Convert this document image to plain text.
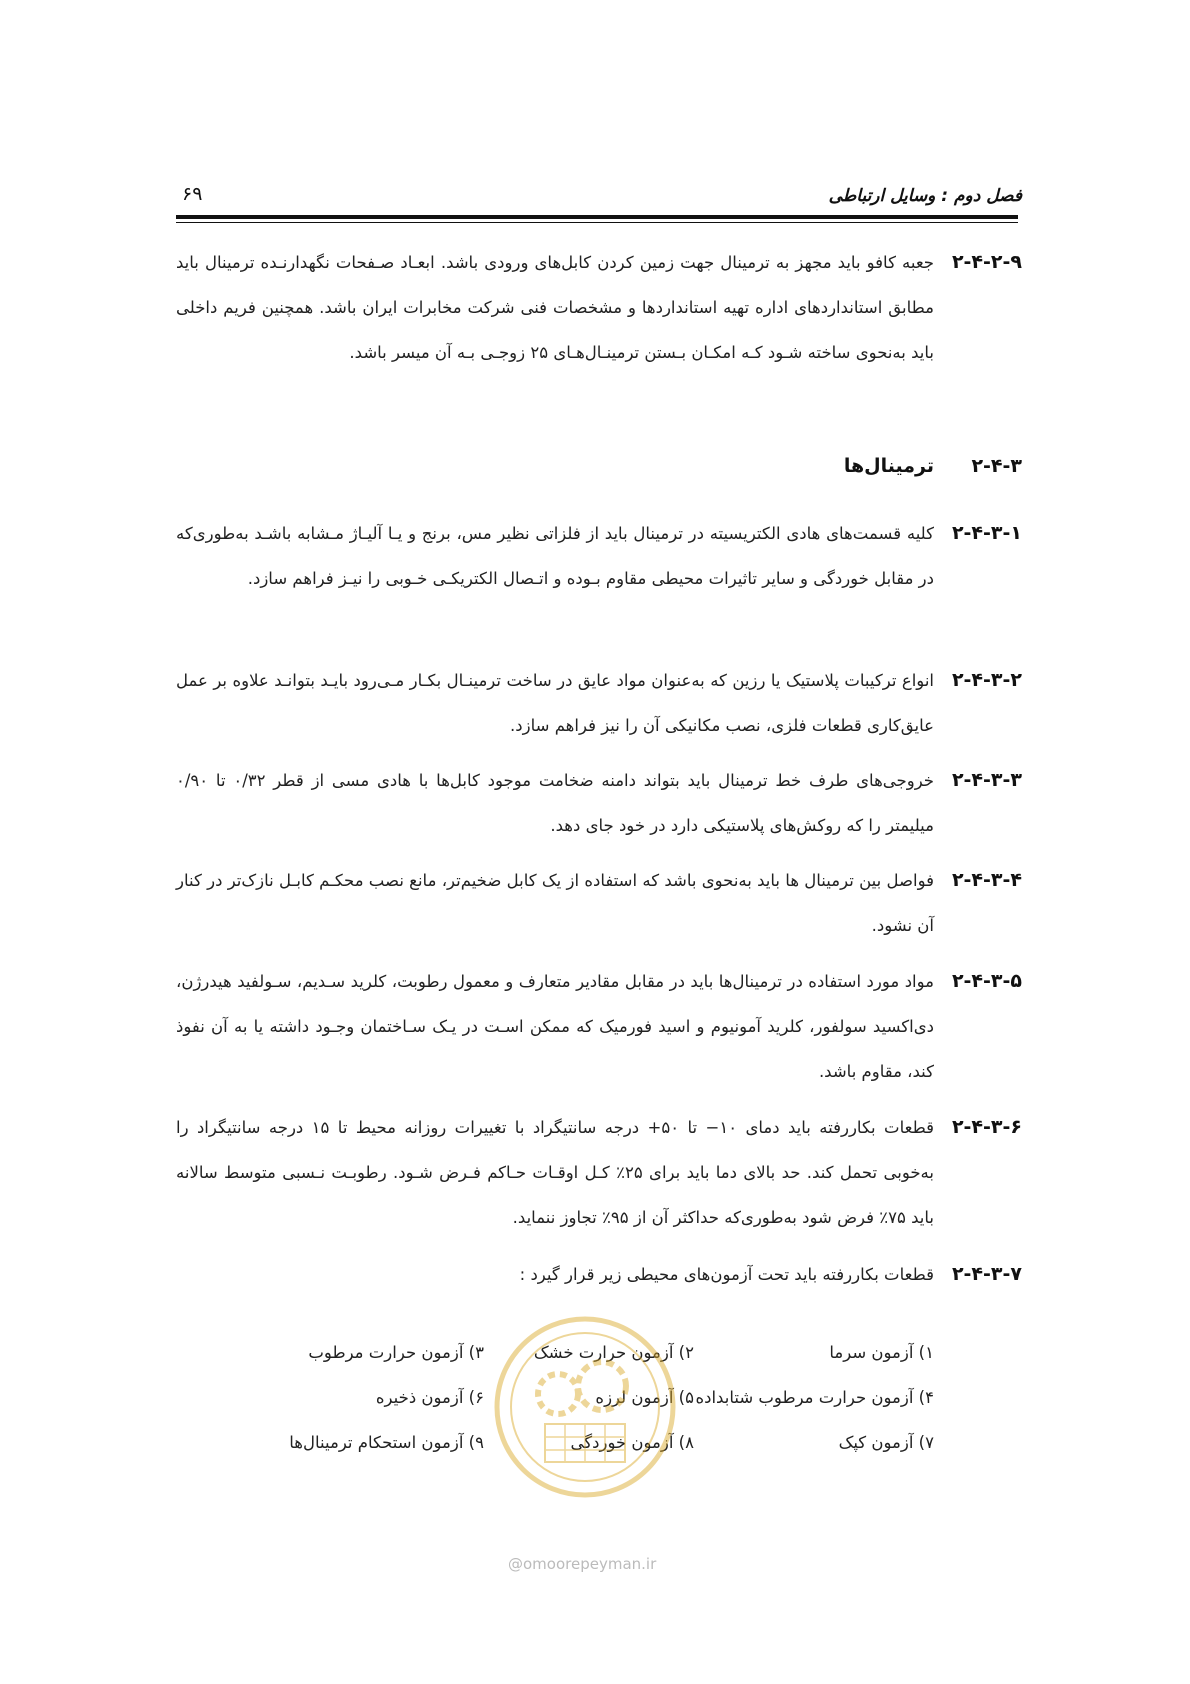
فصل دوم : وسایل ارتباطی
۶۹
۲-۴-۲-۹
جعبه کافو باید مجهز به ترمینال جهت زمین کردن کابل‌های ورودی باشد. ابعـاد صـفحات نگهدارنـده ترمینال باید مطابق استانداردهای اداره تهیه استانداردها و مشخصات فنی شرکت مخابرات ایران باشد. همچنین فریم داخلی باید به‌نحوی ساخته شـود کـه امکـان بـستن ترمینـال‌هـای ۲۵ زوجـی بـه آن میسر باشد.
۲-۴-۳ترمینال‌ها
۲-۴-۳-۱
کلیه قسمت‌های هادی الکتریسیته در ترمینال باید از فلزاتی نظیر مس، برنج و یـا آلیـاژ مـشابه باشـد به‌طوری‌که در مقابل خوردگی و سایر تاثیرات محیطی مقاوم بـوده و اتـصال الکتریکـی خـوبی را نیـز فراهم سازد.
۲-۴-۳-۲
انواع ترکیبات پلاستیک یا رزین که به‌عنوان مواد عایق در ساخت ترمینـال بکـار مـی‌رود بایـد بتوانـد علاوه بر عمل عایق‌کاری قطعات فلزی، نصب مکانیکی آن را نیز فراهم سازد.
۲-۴-۳-۳
خروجی‌های طرف خط ترمینال باید بتواند دامنه ضخامت موجود کابل‌ها با هادی مسی از قطر ۰/۳۲ تا ۰/۹۰ میلیمتر را که روکش‌های پلاستیکی دارد در خود جای دهد.
۲-۴-۳-۴
فواصل بین ترمینال ها باید به‌نحوی باشد که استفاده از یک کابل ضخیم‌تر، مانع نصب محکـم کابـل نازک‌تر در کنار آن نشود.
۲-۴-۳-۵
مواد مورد استفاده در ترمینال‌ها باید در مقابل مقادیر متعارف و معمول رطوبت، کلرید سـدیم، سـولفید هیدرژن، دی‌اکسید سولفور، کلرید آمونیوم و اسید فورمیک که ممکن اسـت در یـک سـاختمان وجـود داشته یا به آن نفوذ کند، مقاوم باشد.
۲-۴-۳-۶
قطعات بکاررفته باید دمای ۱۰− تا ۵۰+ درجه سانتیگراد با تغییرات روزانه محیط تا ۱۵ درجه سانتیگراد را به‌خوبی تحمل کند. حد بالای دما باید برای ۲۵٪ کـل اوقـات حـاکم فـرض شـود. رطوبـت نـسبی متوسط سالانه باید ۷۵٪ فرض شود به‌طوری‌که حداکثر آن از ۹۵٪ تجاوز ننماید.
۲-۴-۳-۷
قطعات بکاررفته باید تحت آزمون‌های محیطی زیر قرار گیرد :
۱) آزمون سرما
۲) آزمون حرارت خشک
۳) آزمون حرارت مرطوب
۴) آزمون حرارت مرطوب شتابداده
۵) آزمون لرزه
۶) آزمون ذخیره
۷) آزمون کپک
۸) آزمون خوردگی
۹) آزمون استحکام ترمینال‌ها
@omoorepeyman.ir
